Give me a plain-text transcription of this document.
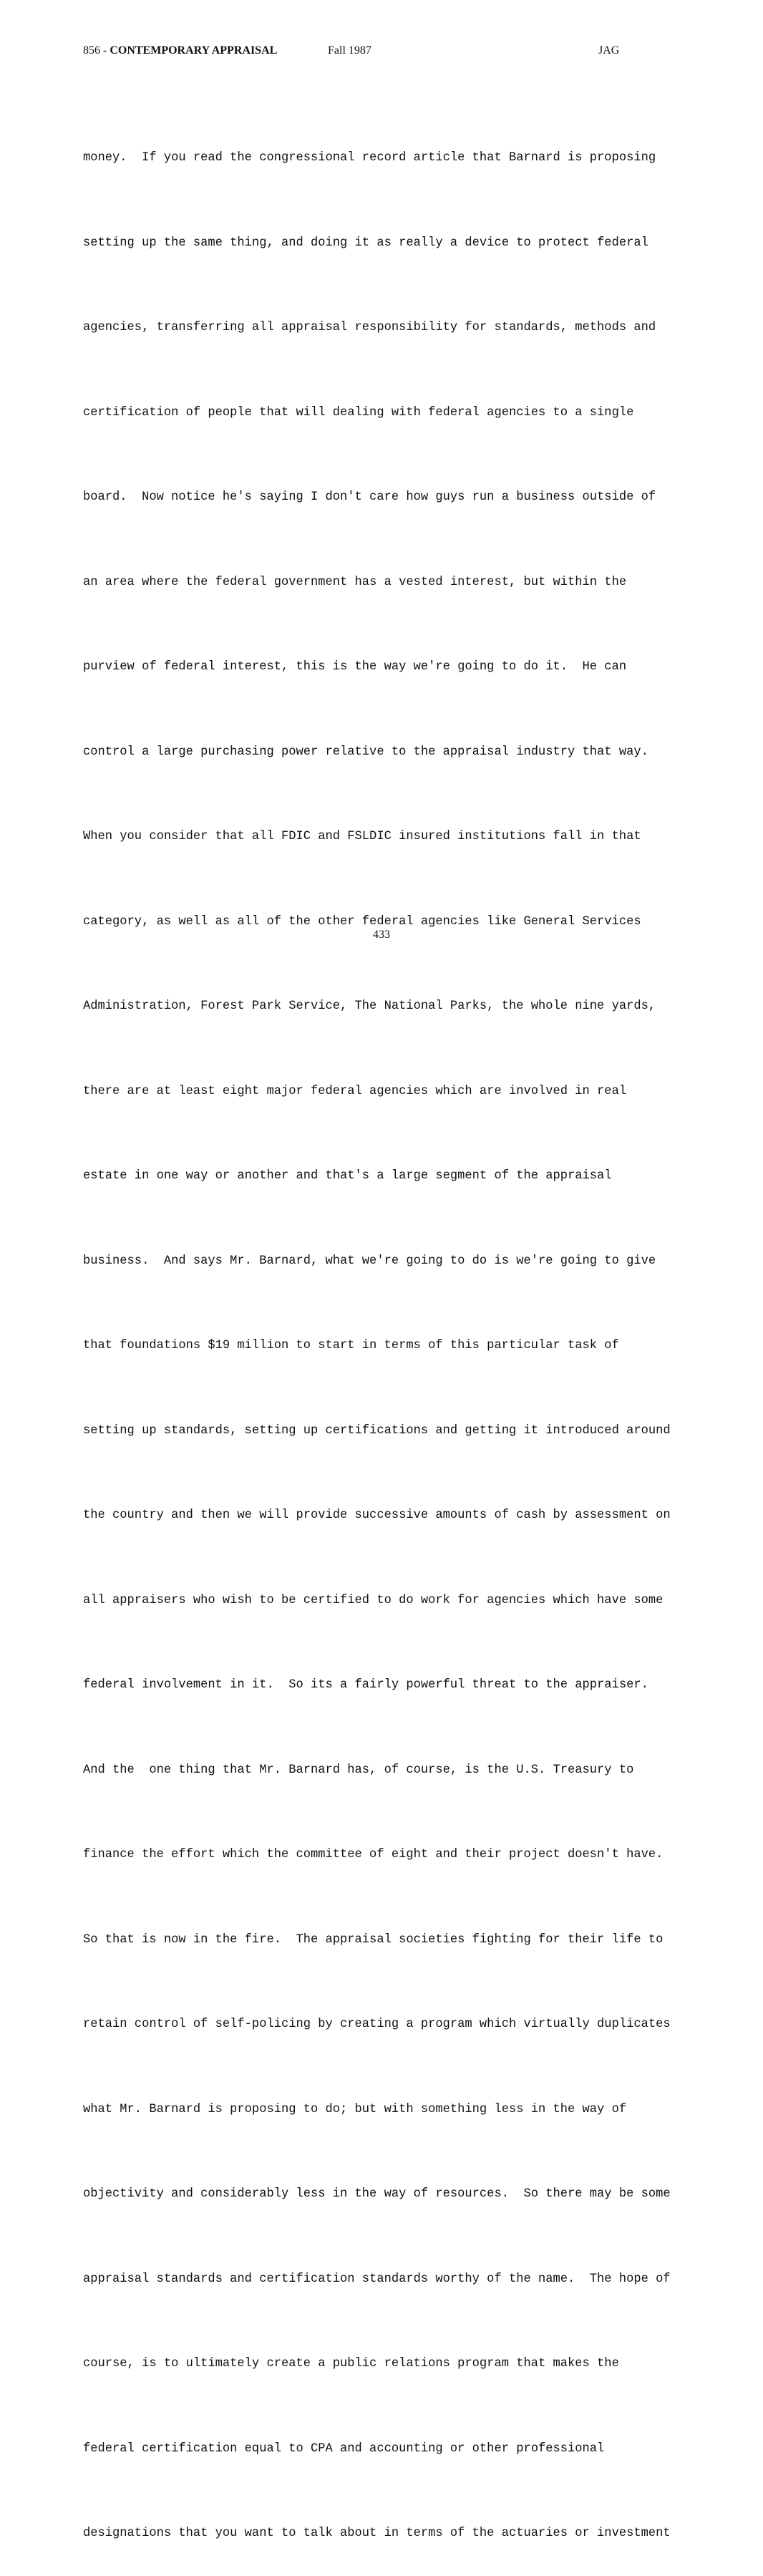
856 - CONTEMPORARY APPRAISAL	Fall 1987	JAG

money.  If you read the congressional record article that Barnard is proposing

setting up the same thing, and doing it as really a device to protect federal

agencies, transferring all appraisal responsibility for standards, methods and

certification of people that will dealing with federal agencies to a single

board.  Now notice he's saying I don't care how guys run a business outside of

an area where the federal government has a vested interest, but within the

purview of federal interest, this is the way we're going to do it.  He can

control a large purchasing power relative to the appraisal industry that way.

When you consider that all FDIC and FSLDIC insured institutions fall in that

category, as well as all of the other federal agencies like General Services

Administration, Forest Park Service, The National Parks, the whole nine yards,

there are at least eight major federal agencies which are involved in real

estate in one way or another and that's a large segment of the appraisal

business.  And says Mr. Barnard, what we're going to do is we're going to give

that foundations $19 million to start in terms of this particular task of

setting up standards, setting up certifications and getting it introduced around

the country and then we will provide successive amounts of cash by assessment on

all appraisers who wish to be certified to do work for agencies which have some

federal involvement in it.  So its a fairly powerful threat to the appraiser.

And the  one thing that Mr. Barnard has, of course, is the U.S. Treasury to

finance the effort which the committee of eight and their project doesn't have.

So that is now in the fire.  The appraisal societies fighting for their life to

retain control of self-policing by creating a program which virtually duplicates

what Mr. Barnard is proposing to do; but with something less in the way of

objectivity and considerably less in the way of resources.  So there may be some

appraisal standards and certification standards worthy of the name.  The hope of

course, is to ultimately create a public relations program that makes the

federal certification equal to CPA and accounting or other professional

designations that you want to talk about in terms of the actuaries or investment

433
